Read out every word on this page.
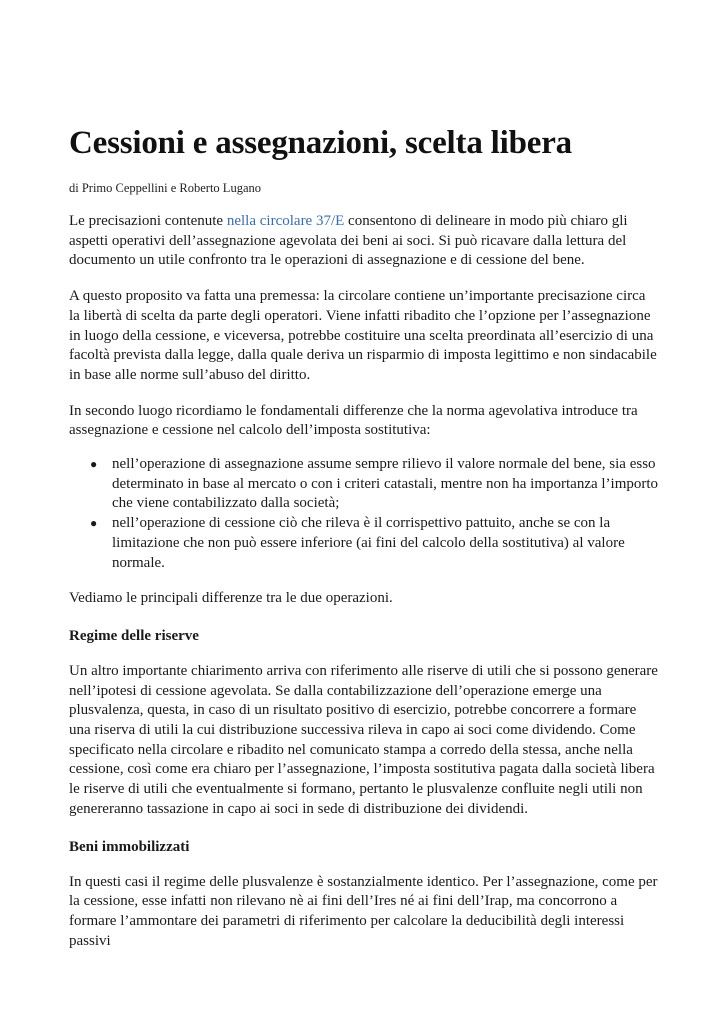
Cessioni e assegnazioni, scelta libera
di Primo Ceppellini e Roberto Lugano

Le precisazioni contenute nella circolare 37/E consentono di delineare in modo più chiaro gli aspetti operativi dell’assegnazione agevolata dei beni ai soci. Si può ricavare dalla lettura del documento un utile confronto tra le operazioni di assegnazione e di cessione del bene.

A questo proposito va fatta una premessa: la circolare contiene un’importante precisazione circa la libertà di scelta da parte degli operatori. Viene infatti ribadito che l’opzione per l’assegnazione in luogo della cessione, e viceversa, potrebbe costituire una scelta preordinata all’esercizio di una facoltà prevista dalla legge, dalla quale deriva un risparmio di imposta legittimo e non sindacabile in base alle norme sull’abuso del diritto.

In secondo luogo ricordiamo le fondamentali differenze che la norma agevolativa introduce tra assegnazione e cessione nel calcolo dell’imposta sostitutiva:

● nell’operazione di assegnazione assume sempre rilievo il valore normale del bene, sia esso determinato in base al mercato o con i criteri catastali, mentre non ha importanza l’importo che viene contabilizzato dalla società;
● nell’operazione di cessione ciò che rileva è il corrispettivo pattuito, anche se con la limitazione che non può essere inferiore (ai fini del calcolo della sostitutiva) al valore normale.

Vediamo le principali differenze tra le due operazioni.

Regime delle riserve

Un altro importante chiarimento arriva con riferimento alle riserve di utili che si possono generare nell’ipotesi di cessione agevolata. Se dalla contabilizzazione dell’operazione emerge una plusvalenza, questa, in caso di un risultato positivo di esercizio, potrebbe concorrere a formare una riserva di utili la cui distribuzione successiva rileva in capo ai soci come dividendo. Come specificato nella circolare e ribadito nel comunicato stampa a corredo della stessa, anche nella cessione, così come era chiaro per l’assegnazione, l’imposta sostitutiva pagata dalla società libera le riserve di utili che eventualmente si formano, pertanto le plusvalenze confluite negli utili non genereranno tassazione in capo ai soci in sede di distribuzione dei dividendi.

Beni immobilizzati

In questi casi il regime delle plusvalenze è sostanzialmente identico. Per l’assegnazione, come per la cessione, esse infatti non rilevano nè ai fini dell’Ires né ai fini dell’Irap, ma concorrono a formare l’ammontare dei parametri di riferimento per calcolare la deducibilità degli interessi passivi
